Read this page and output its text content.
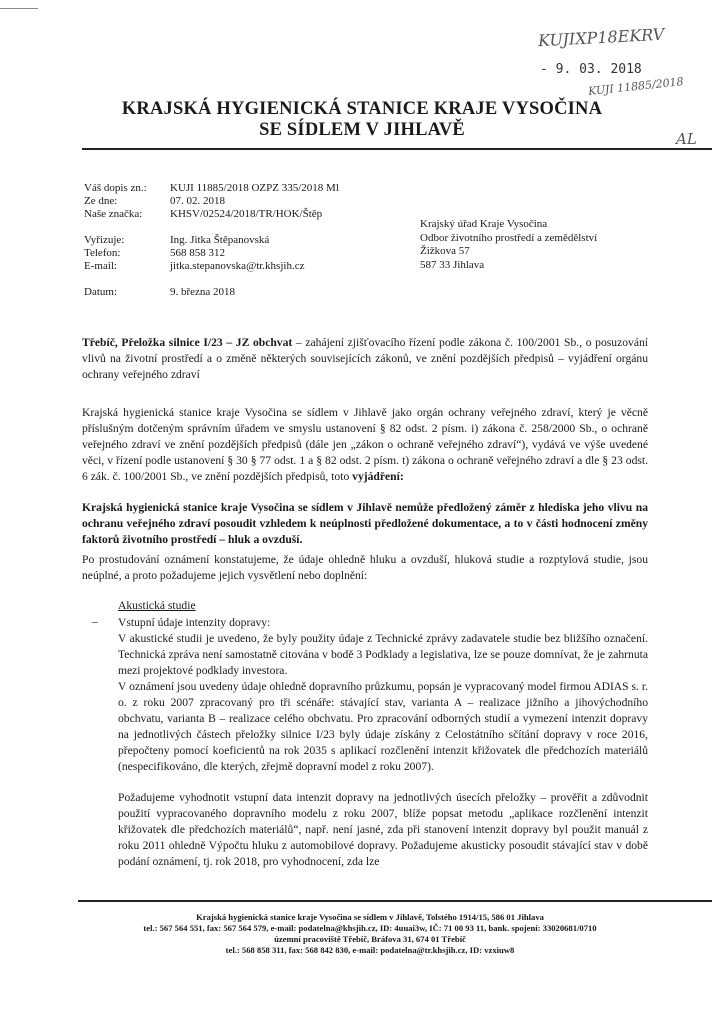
KUJIXP18EKRV
- 9. 03. 2018
KUJI 11885/2018
AL
KRAJSKÁ HYGIENICKÁ STANICE KRAJE VYSOČINA
SE SÍDLEM V JIHLAVĚ
Váš dopis zn.:
Ze dne:
Naše značka:
Vyřizuje:
Telefon:
E-mail:
Datum:
KUJI 11885/2018 OZPZ 335/2018 Ml
07. 02. 2018
KHSV/02524/2018/TR/HOK/Štěp
Ing. Jitka Štěpanovská
568 858 312
jitka.stepanovska@tr.khsjih.cz
9. března 2018
Krajský úřad Kraje Vysočina
Odbor životního prostředí a zemědělství
Žižkova 57
587 33 Jihlava
Třebíč, Přeložka silnice I/23 – JZ obchvat – zahájení zjišťovacího řízení podle zákona č. 100/2001 Sb., o posuzování vlivů na životní prostředí a o změně některých souvisejících zákonů, ve znění pozdějších předpisů – vyjádření orgánu ochrany veřejného zdraví
Krajská hygienická stanice kraje Vysočina se sídlem v Jihlavě jako orgán ochrany veřejného zdraví, který je věcně příslušným dotčeným správním úřadem ve smyslu ustanovení § 82 odst. 2 písm. i) zákona č. 258/2000 Sb., o ochraně veřejného zdraví ve znění pozdějších předpisů (dále jen „zákon o ochraně veřejného zdraví“), vydává ve výše uvedené věci, v řízení podle ustanovení § 30 § 77 odst. 1 a § 82 odst. 2 písm. t) zákona o ochraně veřejného zdraví a dle § 23 odst. 6 zák. č. 100/2001 Sb., ve znění pozdějších předpisů, toto vyjádření:
Krajská hygienická stanice kraje Vysočina se sídlem v Jihlavě nemůže předložený záměr z hlediska jeho vlivu na ochranu veřejného zdraví posoudit vzhledem k neúplnosti předložené dokumentace, a to v části hodnocení změny faktorů životního prostředí – hluk a ovzduší.
Po prostudování oznámení konstatujeme, že údaje ohledně hluku a ovzduší, hluková studie a rozptylová studie, jsou neúplné, a proto požadujeme jejich vysvětlení nebo doplnění:
Akustická studie
– Vstupní údaje intenzity dopravy:
V akustické studii je uvedeno, že byly použity údaje z Technické zprávy zadavatele studie bez bližšího označení. Technická zpráva není samostatně citována v bodě 3 Podklady a legislativa, lze se pouze domnívat, že je zahrnuta mezi projektové podklady investora.
V oznámení jsou uvedeny údaje ohledně dopravního průzkumu, popsán je vypracovaný model firmou ADIAS s. r. o. z roku 2007 zpracovaný pro tři scénáře: stávající stav, varianta A – realizace jižního a jihovýchodního obchvatu, varianta B – realizace celého obchvatu. Pro zpracování odborných studií a vymezení intenzit dopravy na jednotlivých částech přeložky silnice I/23 byly údaje získány z Celostátního sčítání dopravy v roce 2016, přepočteny pomocí koeficientů na rok 2035 s aplikací rozčlenění intenzit křižovatek dle předchozích materiálů (nespecifikováno, dle kterých, zřejmě dopravní model z roku 2007).
Požadujeme vyhodnotit vstupní data intenzit dopravy na jednotlivých úsecích přeložky – prověřit a zdůvodnit použití vypracovaného dopravního modelu z roku 2007, blíže popsat metodu „aplikace rozčlenění intenzit křižovatek dle předchozích materiálů“, např. není jasné, zda při stanovení intenzit dopravy byl použit manuál z roku 2011 ohledně Výpočtu hluku z automobilové dopravy. Požadujeme akusticky posoudit stávající stav v době podání oznámení, tj. rok 2018, pro vyhodnocení, zda lze
Krajská hygienická stanice kraje Vysočina se sídlem v Jihlavě, Tolstého 1914/15, 586 01 Jihlava
tel.: 567 564 551, fax: 567 564 579, e-mail: podatelna@khsjih.cz, ID: 4uuai3w, IČ: 71 00 93 11, bank. spojení: 33020681/0710
územní pracoviště Třebíč, Bráfova 31, 674 01 Třebíč
tel.: 568 858 311, fax: 568 842 830, e-mail: podatelna@tr.khsjih.cz, ID: vzxiuw8
